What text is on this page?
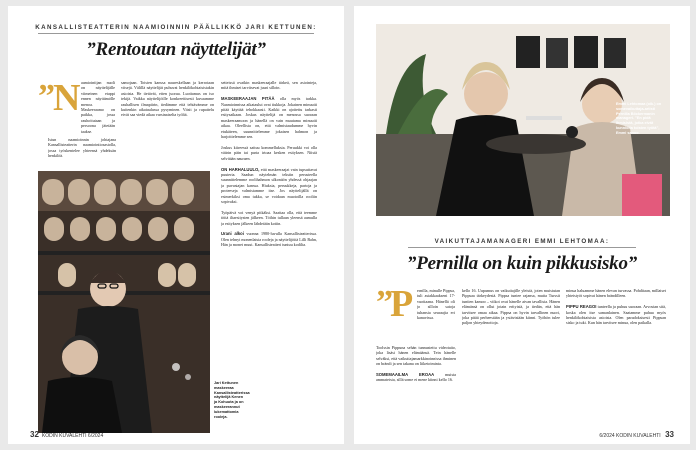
KANSALLISTEATTERIN NAAMIOINNIN PÄÄLLIKKÖ JARI KETTUNEN:
”Rentoutan näyttelijät”
”
N aamiointijan nuoli on näyttelijälle viimeinen etappi ennen näyttämölle menoa. Maskeeraamo on paikka, jossa rauhoitutaan ja persoona jätetään taakse.
Istun naamioinnin johtajana Kansallisteatterin naamiointiosastolla, jossa työskentelee yhteensä yhdeksän henkilöä.
samojaan. Toisten kanssa naureskellaan ja kerrotaan vitsejä. Välillä näyttelijät puhuvat henkilökohtaisistakin asioista. He tietävät, etten juorua. Luottamus on iso tekijä. Vaikka näyttelijöille konkreettisesti kuvaamme rauhallisen ilmapiirin, tiedämme että tehtävämme on kuitenkin aikataulussa pysyminen. Vitsit ja rupattelu eivät saa viedä aikaa varsinaiselta työltä.
setteissä ovatkin maskeeraajalle tärkeä, sen asiointeja, mitä ihmiset tarvitsevat juuri silloin.

MASKEERAAJAN PITÄÄ olla myös tarkka. Naamioinnissa aikataulut ovat tiukkoja. Jokainen minuutti pitää käyttää tehokkaasti. Kaikki on ajoitettu tarkasti esitysaikaan. Joskus näyttelijä on menossa suoraan maskeeraamoon ja hänellä on vain muutama minuutti aikaa. Oleellista on, että valmistaudumme hyvin etukäteen, suunnittelemme jokaisen hahmon ja harjoittelemme sen.

Joskus kiireessä sattuu kommelluksia. Peruukki voi olla väärin päin tai parta irtoaa kesken esityksen. Niistä selvitään nauraen.

ON HARHALUULO, että maskeeraajat vain tupsuttavat puuteria. Saadun näytelmän tekstin perusteella suunnittelemme roolihahmon ulkonäön yhdessä ohjaajan ja puvustajan kanssa. Hiuksia, peruukkeja, partoja ja proteeseja valmistamme itse. Jos näyttelijällä on esimerkiksi oma tukka, se voidaan muotoilla rooliin sopivaksi.

Työpäivä voi venyä pitkäksi. Saattaa olla, että teemme töitä iltaesitysten jälkeen. Töihin tullaan yleensä aamulla ja esityksen jälkeen lähdetään kotiin.

Urani alkoi vuonna 1980-luvulla Kansallisteatterissa. Olen tehnyt monenlaisia rooleja ja näyttelijöitä Lilli Bahn, Hän ja monet muut. Kansallisteatteri tuntuu kodilta.
Jari Kettunen maskeeraa Kansallisteatterissa näyttelijä Kenen ja Kohuuta ja on maskeerannut lukemattomia rooleja.
32 KODIN KUVALEHTI 6/2024
Emmi Lehtomaa (oik.) on somevaikuttaja-artisti Pernilla Böckermanin manageri. ”En pidä ihmisistä, jotka eivät kunnioita toisten työtä”, Emmi sanoo.
VAIKUTTAJAMANAGERI EMMI LEHTOMAA:
”Pernilla on kuin pikkusisko”
”
P ernilla, minulle Pippsa, tuli asiakkaakseni 17-vuotiaana. Hänellä oli jo silloin satoja tuhansia seuraajia eri kanavissa.
Toolssin Pippuna sehän tunnustettu videotaito, joka lisäsi hänen elämäänsä. Tein hänelle selväksi, että vaikuttajamarkkinoinnissa ihminen on brändi ja sen takana on liiketoiminta.

SOMEMAAILMA EROAA	muista ammateista, sillä some ei mene kiinni kello 16.
kello 16. Uupumus on vaikuttajille yleistä, joten muistutan Pippsaa tärkeydestä. Pippsa tuntee rajansa, mutta Turssit tuntien kamoo – viikot ovat hänelle aivan tavallisia. Hänen elämänsä on ollut jotain erityistä, ja tiedän, että hän tarvitsee omaa aikaa. Pippsa on hyvin tarvallinen nuori, joka pitää perheestään ja ystävistään kiinni. Työhön tulee paljon yhteydenottoja.
minua haluamme hänen elevan turvassa. Pohditaan, millaiset yhteistyöt sopivat hänen brändilleen.

PIPPU REAGOI tunteella ja puhuu suoraan. Arvostan sitä, koska olen itse samanlainen. Saatamme puhua myös henkilökohtaisista asioista. Olen paradoksisesti Pippsan sisko ja tuki. Kun hän tarvitsee minua, olen paikalla.
6/2024 KODIN KUVALEHTI 33
